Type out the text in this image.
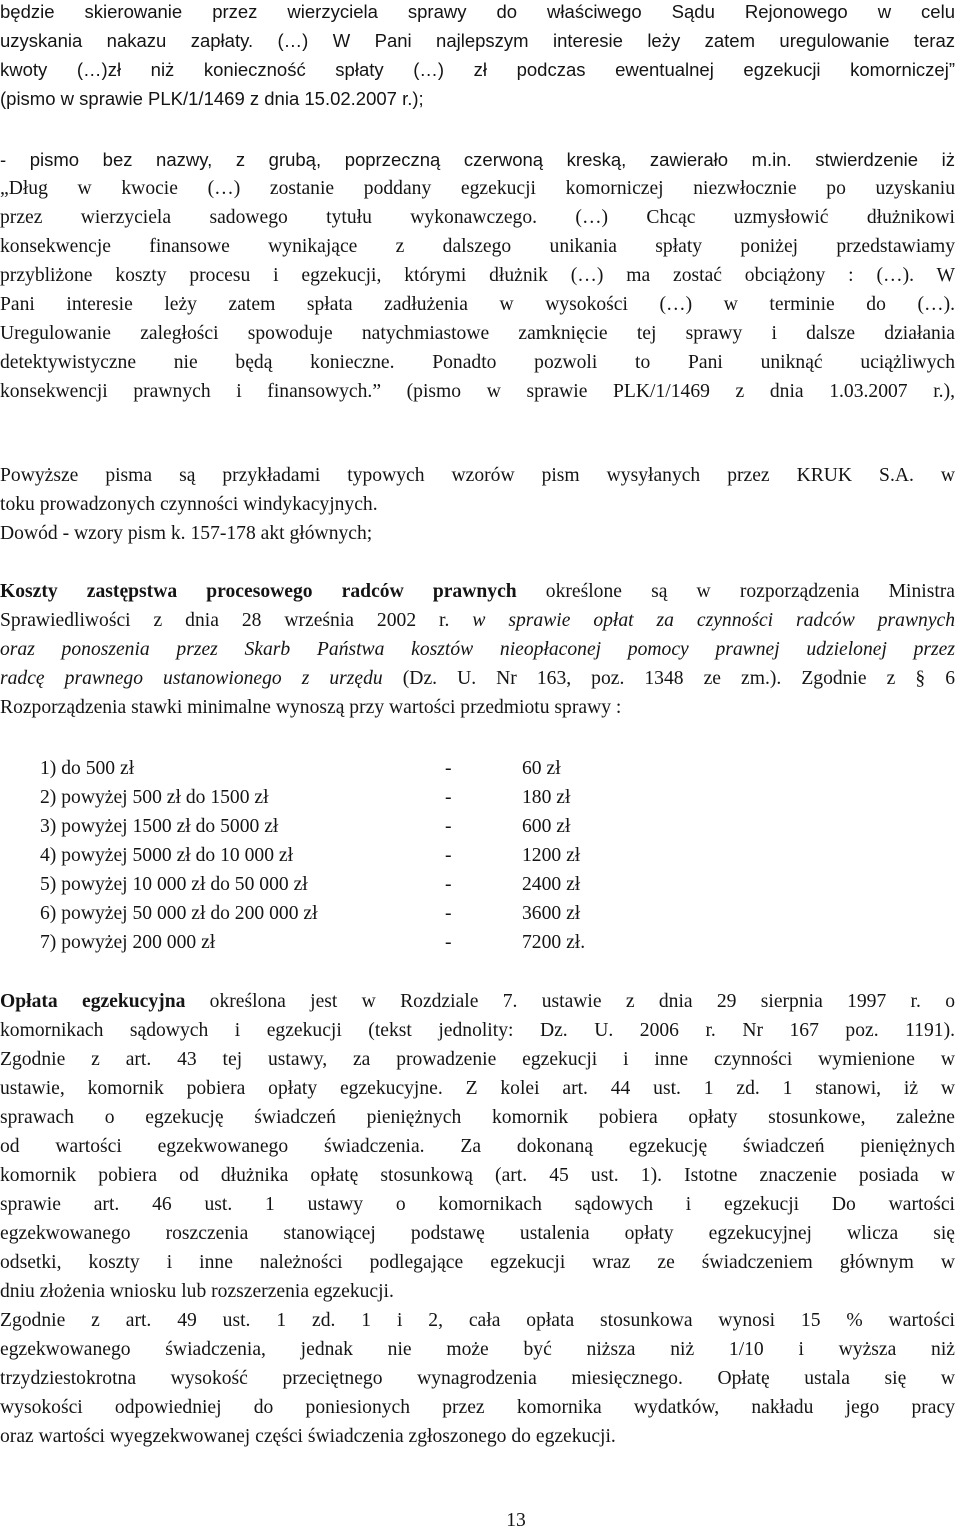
będzie skierowanie przez wierzyciela sprawy do właściwego Sądu Rejonowego w celu
uzyskania nakazu zapłaty. (…) W Pani najlepszym interesie leży zatem uregulowanie teraz
kwoty (…)zł niż konieczność spłaty (…) zł podczas ewentualnej egzekucji komorniczej”
(pismo w sprawie PLK/1/1469 z dnia 15.02.2007 r.);
- pismo bez nazwy, z grubą, poprzeczną czerwoną kreską, zawierało m.in. stwierdzenie iż
„Dług w kwocie (…) zostanie poddany egzekucji komorniczej niezwłocznie po uzyskaniu
przez wierzyciela sadowego tytułu wykonawczego. (…) Chcąc uzmysłowić dłużnikowi
konsekwencje finansowe wynikające z dalszego unikania spłaty poniżej przedstawiamy
przybliżone koszty procesu i egzekucji, którymi dłużnik (…) ma zostać obciążony : (…). W
Pani interesie leży zatem spłata zadłużenia w wysokości (…) w terminie do (…).
Uregulowanie zaległości spowoduje natychmiastowe zamknięcie tej sprawy i dalsze działania
detektywistyczne nie będą konieczne. Ponadto pozwoli to Pani uniknąć uciążliwych
konsekwencji prawnych i finansowych.” (pismo w sprawie PLK/1/1469 z dnia 1.03.2007 r.),
Powyższe pisma są przykładami typowych wzorów pism wysyłanych przez KRUK S.A. w
toku prowadzonych czynności windykacyjnych.
Dowód - wzory pism k. 157-178 akt głównych;
Koszty zastępstwa procesowego radców prawnych określone są w rozporządzenia Ministra
Sprawiedliwości z dnia 28 września 2002 r. w sprawie opłat za czynności radców prawnych
oraz ponoszenia przez Skarb Państwa kosztów nieopłaconej pomocy prawnej udzielonej przez
radcę prawnego ustanowionego z urzędu (Dz. U. Nr 163, poz. 1348 ze zm.). Zgodnie z § 6
Rozporządzenia stawki minimalne wynoszą przy wartości przedmiotu sprawy :
1) do 500 zł	-	60 zł
2) powyżej 500 zł do 1500 zł	-	180 zł
3) powyżej 1500 zł do 5000 zł	-	600 zł
4) powyżej 5000 zł do 10 000 zł	-	1200 zł
5) powyżej 10 000 zł do 50 000 zł	-	2400 zł
6) powyżej 50 000 zł do 200 000 zł	-	3600 zł
7) powyżej 200 000 zł	-	7200 zł.
Opłata egzekucyjna określona jest w Rozdziale 7. ustawie z dnia 29 sierpnia 1997 r. o
komornikach sądowych i egzekucji (tekst jednolity: Dz. U. 2006 r. Nr 167 poz. 1191).
Zgodnie z art. 43 tej ustawy, za prowadzenie egzekucji i inne czynności wymienione w
ustawie, komornik pobiera opłaty egzekucyjne. Z kolei art. 44 ust. 1 zd. 1 stanowi, iż w
sprawach o egzekucję świadczeń pieniężnych komornik pobiera opłaty stosunkowe, zależne
od wartości egzekwowanego świadczenia. Za dokonaną egzekucję świadczeń pieniężnych
komornik pobiera od dłużnika opłatę stosunkową (art. 45 ust. 1). Istotne znaczenie posiada w
sprawie art. 46 ust. 1 ustawy o komornikach sądowych i egzekucji Do wartości
egzekwowanego roszczenia stanowiącej podstawę ustalenia opłaty egzekucyjnej wlicza się
odsetki, koszty i inne należności podlegające egzekucji wraz ze świadczeniem głównym w
dniu złożenia wniosku lub rozszerzenia egzekucji.
Zgodnie z art. 49 ust. 1 zd. 1 i 2, cała opłata stosunkowa wynosi 15 % wartości
egzekwowanego świadczenia, jednak nie może być niższa niż 1/10 i wyższa niż
trzydziestokrotna wysokość przeciętnego wynagrodzenia miesięcznego. Opłatę ustala się w
wysokości odpowiedniej do poniesionych przez komornika wydatków, nakładu jego pracy
oraz wartości wyegzekwowanej części świadczenia zgłoszonego do egzekucji.
13
